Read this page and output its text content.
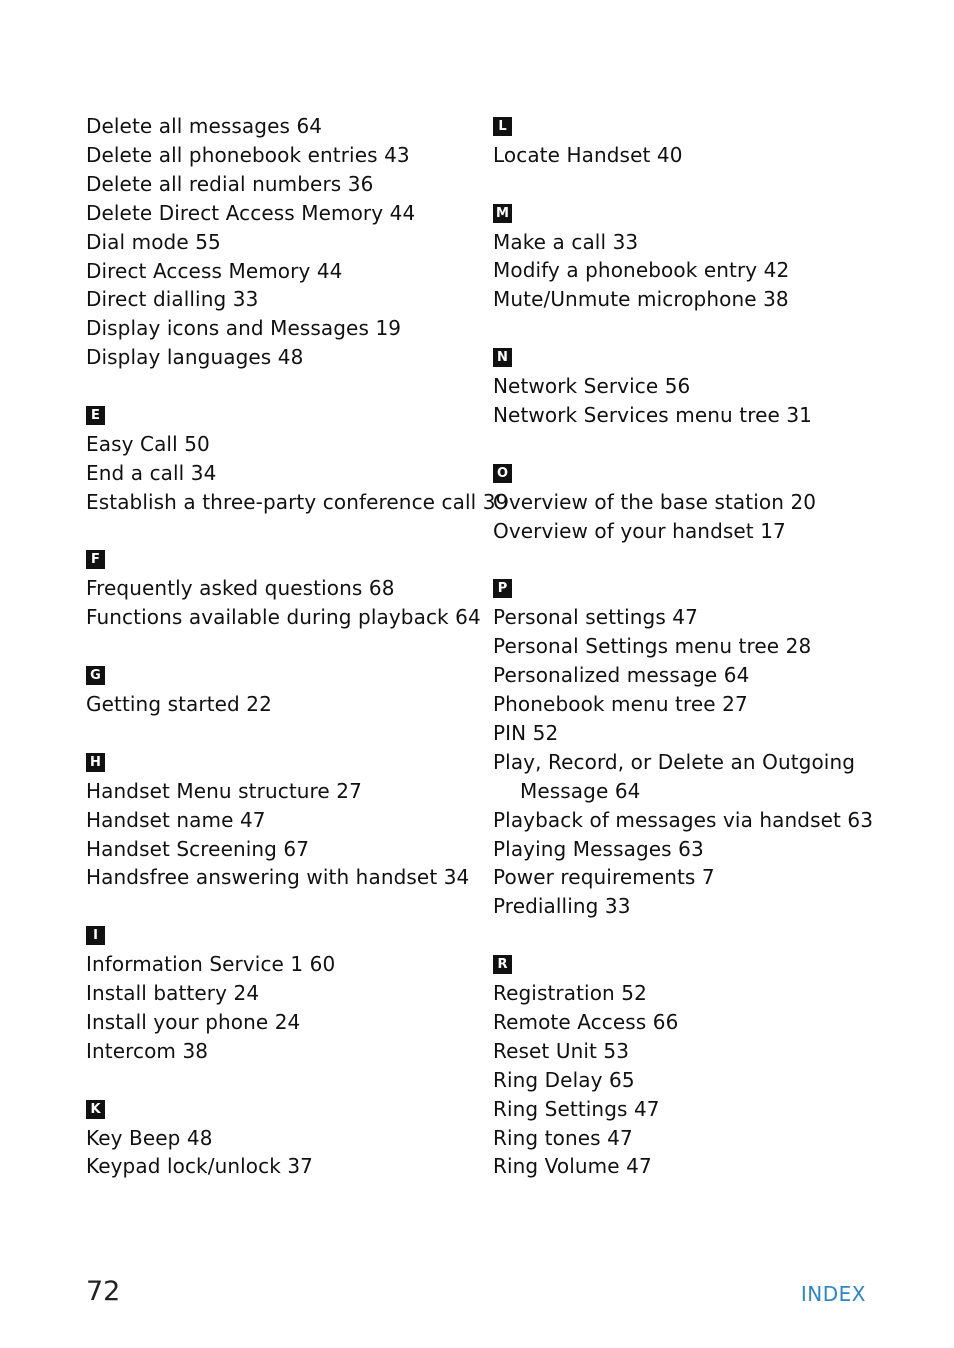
Delete all messages 64
Delete all phonebook entries 43
Delete all redial numbers 36
Delete Direct Access Memory 44
Dial mode 55
Direct Access Memory 44
Direct dialling 33
Display icons and Messages 19
Display languages 48
E
Easy Call 50
End a call 34
Establish a three-party conference call 39
F
Frequently asked questions 68
Functions available during playback 64
G
Getting started 22
H
Handset Menu structure 27
Handset name 47
Handset Screening 67
Handsfree answering with handset 34
I
Information Service 1 60
Install battery 24
Install your phone 24
Intercom 38
K
Key Beep 48
Keypad lock/unlock 37
L
Locate Handset 40
M
Make a call 33
Modify a phonebook entry 42
Mute/Unmute microphone 38
N
Network Service 56
Network Services menu tree 31
O
Overview of the base station 20
Overview of your handset 17
P
Personal settings 47
Personal Settings menu tree 28
Personalized message 64
Phonebook menu tree 27
PIN 52
Play, Record, or Delete an Outgoing
Message 64
Playback of messages via handset 63
Playing Messages 63
Power requirements 7
Predialling 33
R
Registration 52
Remote Access 66
Reset Unit 53
Ring Delay 65
Ring Settings 47
Ring tones 47
Ring Volume 47
72	INDEX
